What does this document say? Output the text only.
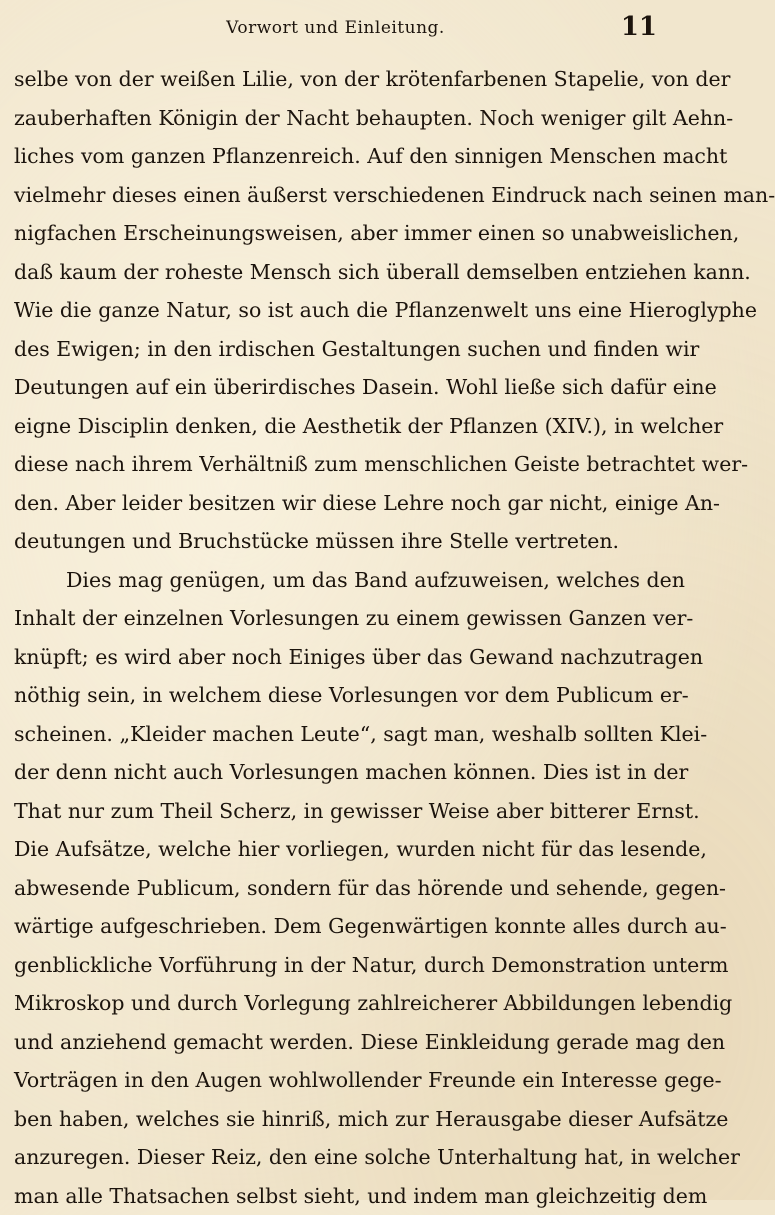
Vorwort und Einleitung.	11
selbe von der weißen Lilie, von der krötenfarbenen Stapelie, von der
zauberhaften Königin der Nacht behaupten. Noch weniger gilt Aehn-
liches vom ganzen Pflanzenreich. Auf den sinnigen Menschen macht
vielmehr dieses einen äußerst verschiedenen Eindruck nach seinen man-
nigfachen Erscheinungsweisen, aber immer einen so unabweislichen,
daß kaum der roheste Mensch sich überall demselben entziehen kann.
Wie die ganze Natur, so ist auch die Pflanzenwelt uns eine Hieroglyphe
des Ewigen; in den irdischen Gestaltungen suchen und finden wir
Deutungen auf ein überirdisches Dasein. Wohl ließe sich dafür eine
eigne Disciplin denken, die Aesthetik der Pflanzen (XIV.), in welcher
diese nach ihrem Verhältniß zum menschlichen Geiste betrachtet wer-
den. Aber leider besitzen wir diese Lehre noch gar nicht, einige An-
deutungen und Bruchstücke müssen ihre Stelle vertreten.
Dies mag genügen, um das Band aufzuweisen, welches den
Inhalt der einzelnen Vorlesungen zu einem gewissen Ganzen ver-
knüpft; es wird aber noch Einiges über das Gewand nachzutragen
nöthig sein, in welchem diese Vorlesungen vor dem Publicum er-
scheinen. „Kleider machen Leute“, sagt man, weshalb sollten Klei-
der denn nicht auch Vorlesungen machen können. Dies ist in der
That nur zum Theil Scherz, in gewisser Weise aber bitterer Ernst.
Die Aufsätze, welche hier vorliegen, wurden nicht für das lesende,
abwesende Publicum, sondern für das hörende und sehende, gegen-
wärtige aufgeschrieben. Dem Gegenwärtigen konnte alles durch au-
genblickliche Vorführung in der Natur, durch Demonstration unterm
Mikroskop und durch Vorlegung zahlreicherer Abbildungen lebendig
und anziehend gemacht werden. Diese Einkleidung gerade mag den
Vorträgen in den Augen wohlwollender Freunde ein Interesse gege-
ben haben, welches sie hinriß, mich zur Herausgabe dieser Aufsätze
anzuregen. Dieser Reiz, den eine solche Unterhaltung hat, in welcher
man alle Thatsachen selbst sieht, und indem man gleichzeitig dem
